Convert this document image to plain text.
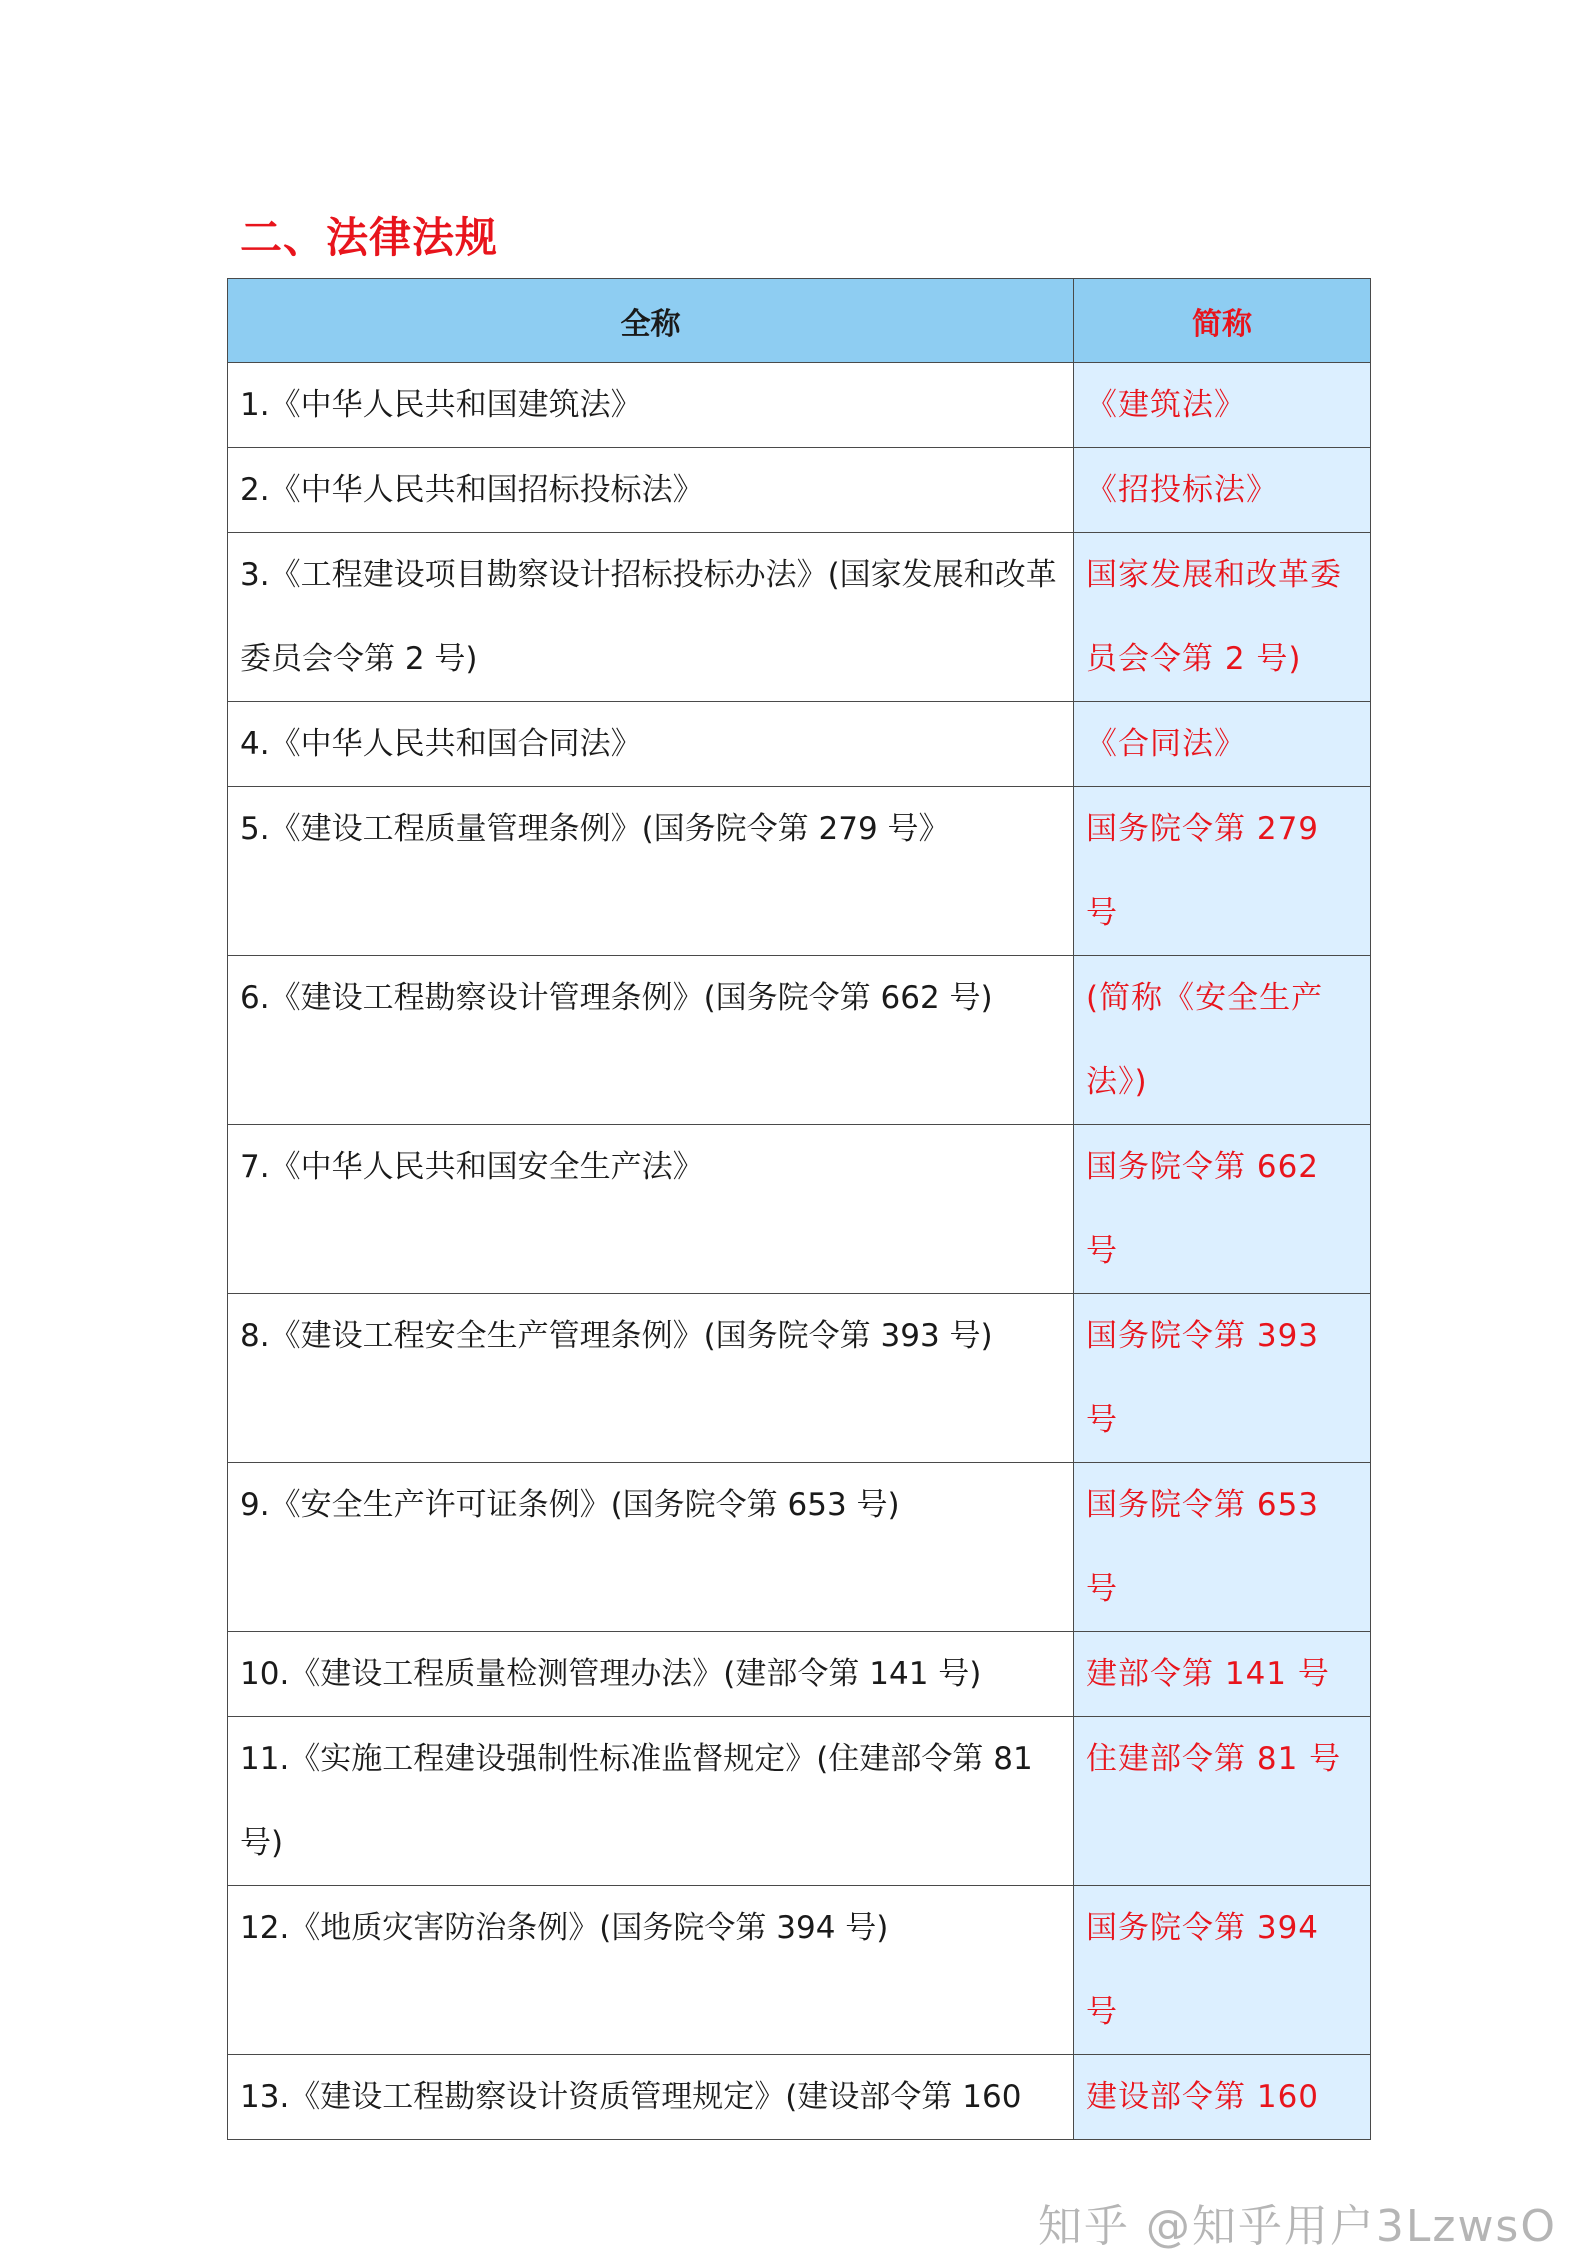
二、法律法规
全称	简称
1.《中华人民共和国建筑法》	《建筑法》
2.《中华人民共和国招标投标法》	《招投标法》
3.《工程建设项目勘察设计招标投标办法》(国家发展和改革委员会令第 2 号)	国家发展和改革委员会令第 2 号)
4.《中华人民共和国合同法》	《合同法》
5.《建设工程质量管理条例》(国务院令第 279 号》	国务院令第 279 号
6.《建设工程勘察设计管理条例》(国务院令第 662 号)	(简称《安全生产法》)
7.《中华人民共和国安全生产法》	国务院令第 662 号
8.《建设工程安全生产管理条例》(国务院令第 393 号)	国务院令第 393 号
9.《安全生产许可证条例》(国务院令第 653 号)	国务院令第 653 号
10.《建设工程质量检测管理办法》(建部令第 141 号)	建部令第 141 号
11.《实施工程建设强制性标准监督规定》(住建部令第 81 号)	住建部令第 81 号
12.《地质灾害防治条例》(国务院令第 394 号)	国务院令第 394 号
13.《建设工程勘察设计资质管理规定》(建设部令第 160	建设部令第 160
知乎 @知乎用户3LzwsO
